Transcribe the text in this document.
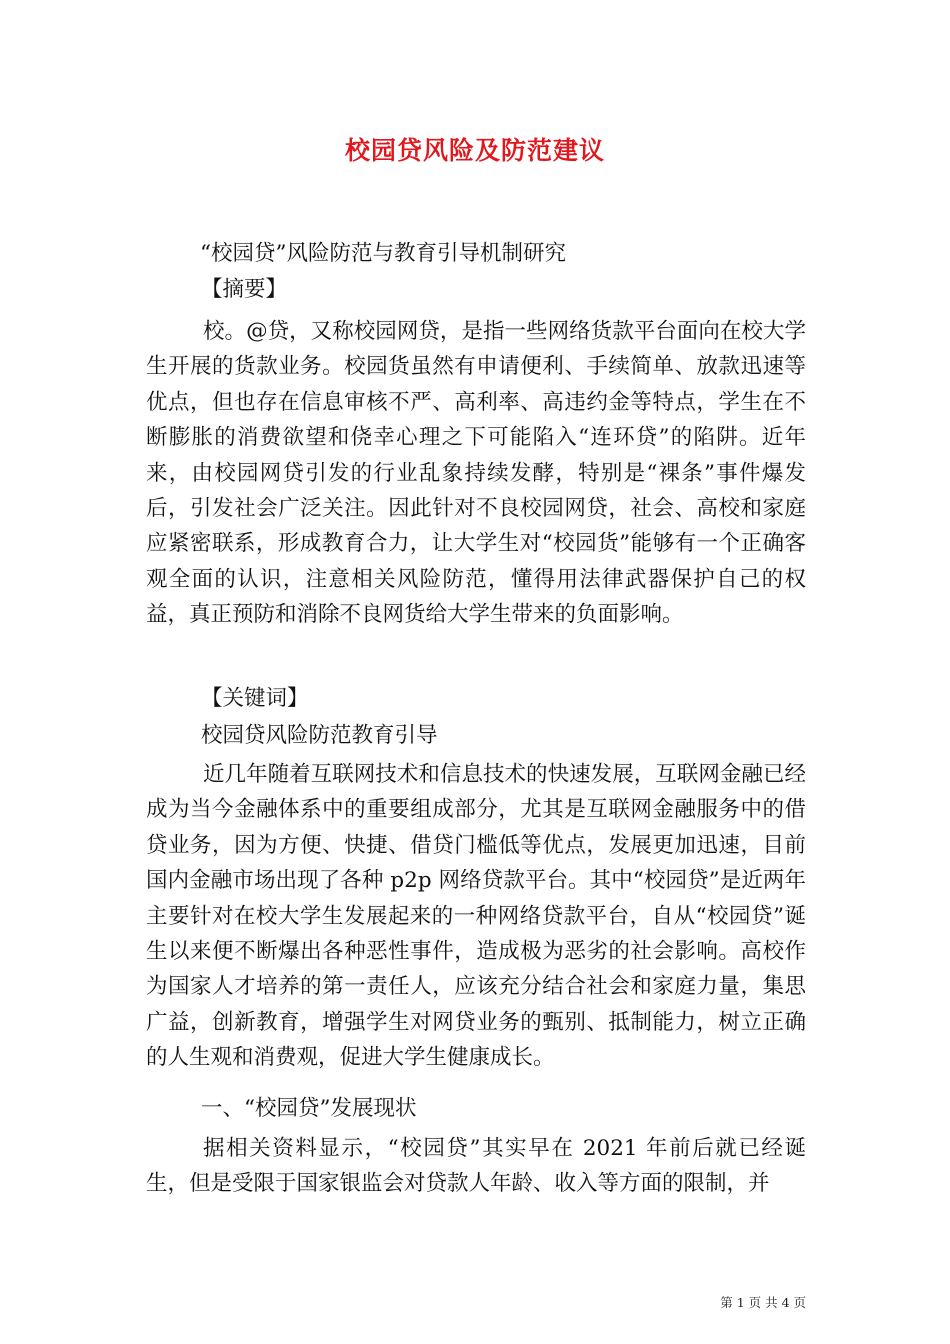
校园贷风险及防范建议
“校园贷”风险防范与教育引导机制研究
【摘要】
校。@贷，又称校园网贷，是指一些网络货款平台面向在校大学生开展的货款业务。校园货虽然有申请便利、手续简单、放款迅速等优点，但也存在信息审核不严、高利率、高违约金等特点，学生在不断膨胀的消费欲望和侥幸心理之下可能陷入“连环贷”的陷阱。近年来，由校园网贷引发的行业乱象持续发酵，特别是“裸条”事件爆发后，引发社会广泛关注。因此针对不良校园网贷，社会、高校和家庭应紧密联系，形成教育合力，让大学生对“校园货”能够有一个正确客观全面的认识，注意相关风险防范，懂得用法律武器保护自己的权益，真正预防和消除不良网货给大学生带来的负面影响。
【关键词】
校园贷风险防范教育引导
近几年随着互联网技术和信息技术的快速发展，互联网金融已经成为当今金融体系中的重要组成部分，尤其是互联网金融服务中的借贷业务，因为方便、快捷、借贷门槛低等优点，发展更加迅速，目前国内金融市场出现了各种 p2p 网络贷款平台。其中“校园贷”是近两年主要针对在校大学生发展起来的一种网络贷款平台，自从“校园贷”诞生以来便不断爆出各种恶性事件，造成极为恶劣的社会影响。高校作为国家人才培养的第一责任人，应该充分结合社会和家庭力量，集思广益，创新教育，增强学生对网贷业务的甄别、抵制能力，树立正确的人生观和消费观，促进大学生健康成长。
一、“校园贷”发展现状
据相关资料显示，“校园贷”其实早在 2021 年前后就已经诞生，但是受限于国家银监会对贷款人年龄、收入等方面的限制，并
第 1 页 共 4 页
